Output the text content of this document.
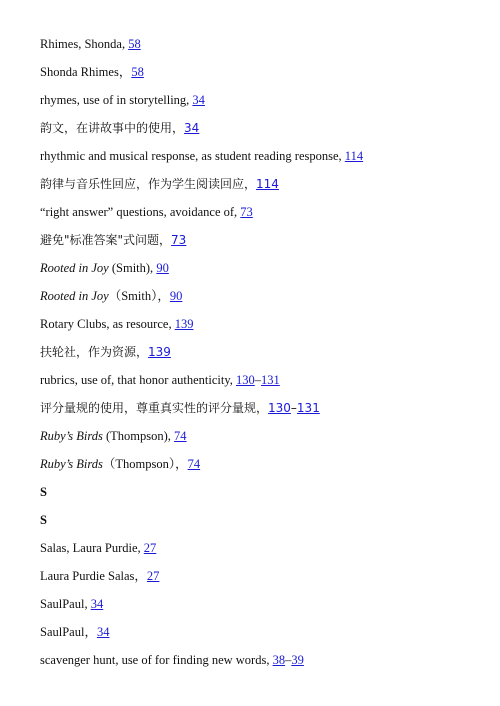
Rhimes, Shonda, 58
Shonda Rhimes，58
rhymes, use of in storytelling, 34
韵文，在讲故事中的使用，34
rhythmic and musical response, as student reading response, 114
韵律与音乐性回应，作为学生阅读回应，114
“right answer” questions, avoidance of, 73
避免"标准答案"式问题，73
Rooted in Joy (Smith), 90
Rooted in Joy（Smith），90
Rotary Clubs, as resource, 139
扶轮社，作为资源，139
rubrics, use of, that honor authenticity, 130–131
评分量规的使用，尊重真实性的评分量规，130–131
Ruby’s Birds (Thompson), 74
Ruby’s Birds（Thompson），74
S
S
Salas, Laura Purdie, 27
Laura Purdie Salas，27
SaulPaul, 34
SaulPaul，34
scavenger hunt, use of for finding new words, 38–39
